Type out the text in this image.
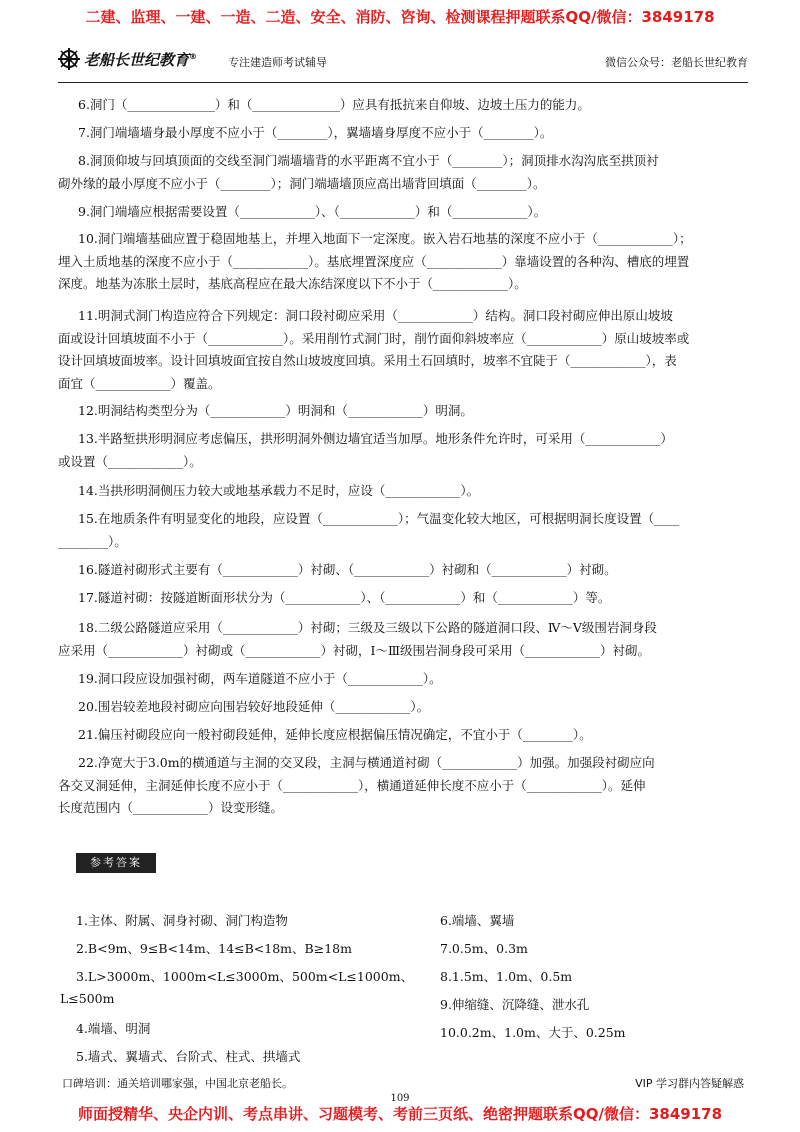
二建、监理、一建、一造、二造、安全、消防、咨询、检测课程押题联系QQ/微信：3849178
老船长世纪教育®	专注建造师考试辅导	微信公众号：老船长世纪教育
6.洞门（______________）和（______________）应具有抵抗来自仰坡、边坡土压力的能力。
7.洞门端墙墙身最小厚度不应小于（________），翼墙墙身厚度不应小于（________）。
8.洞顶仰坡与回填顶面的交线至洞门端墙墙背的水平距离不宜小于（________）；洞顶排水沟沟底至拱顶衬
砌外缘的最小厚度不应小于（________）；洞门端墙墙顶应高出墙背回填面（________）。
9.洞门端墙应根据需要设置（____________）、（____________）和（____________）。
10.洞门端墙基础应置于稳固地基上，并埋入地面下一定深度。嵌入岩石地基的深度不应小于（____________）；
埋入土质地基的深度不应小于（____________）。基底埋置深度应（____________）靠墙设置的各种沟、槽底的埋置
深度。地基为冻胀土层时，基底高程应在最大冻结深度以下不小于（____________）。
11.明洞式洞门构造应符合下列规定：洞口段衬砌应采用（____________）结构。洞口段衬砌应伸出原山坡坡
面或设计回填坡面不小于（____________）。采用削竹式洞门时，削竹面仰斜坡率应（____________）原山坡坡率或
设计回填坡面坡率。设计回填坡面宜按自然山坡坡度回填。采用土石回填时，坡率不宜陡于（____________），表
面宜（____________）覆盖。
12.明洞结构类型分为（____________）明洞和（____________）明洞。
13.半路堑拱形明洞应考虑偏压，拱形明洞外侧边墙宜适当加厚。地形条件允许时，可采用（____________）
或设置（____________）。
14.当拱形明洞侧压力较大或地基承载力不足时，应设（____________）。
15.在地质条件有明显变化的地段，应设置（____________）；气温变化较大地区，可根据明洞长度设置（____
________）。
16.隧道衬砌形式主要有（____________）衬砌、（____________）衬砌和（____________）衬砌。
17.隧道衬砌：按隧道断面形状分为（____________）、（____________）和（____________）等。
18.二级公路隧道应采用（____________）衬砌；三级及三级以下公路的隧道洞口段、Ⅳ～Ⅴ级围岩洞身段
应采用（____________）衬砌或（____________）衬砌，Ⅰ～Ⅲ级围岩洞身段可采用（____________）衬砌。
19.洞口段应设加强衬砌，两车道隧道不应小于（____________）。
20.围岩较差地段衬砌应向围岩较好地段延伸（____________）。
21.偏压衬砌段应向一般衬砌段延伸，延伸长度应根据偏压情况确定，不宜小于（________）。
22.净宽大于3.0m的横通道与主洞的交叉段，主洞与横通道衬砌（____________）加强。加强段衬砌应向
各交叉洞延伸，主洞延伸长度不应小于（____________），横通道延伸长度不应小于（____________）。延伸
长度范围内（____________）设变形缝。
参考答案
1.主体、附属、洞身衬砌、洞门构造物
2.B<9m、9≤B<14m、14≤B<18m、B≥18m
3.L>3000m、1000m<L≤3000m、500m<L≤1000m、
L≤500m
4.端墙、明洞
5.墙式、翼墙式、台阶式、柱式、拱墙式
6.端墙、翼墙
7.0.5m、0.3m
8.1.5m、1.0m、0.5m
9.伸缩缝、沉降缝、泄水孔
10.0.2m、1.0m、大于、0.25m
口碑培训：通关培训哪家强，中国北京老船长。
109
VIP 学习群内答疑解惑
师面授精华、央企内训、考点串讲、习题模考、考前三页纸、绝密押题联系QQ/微信：3849178
